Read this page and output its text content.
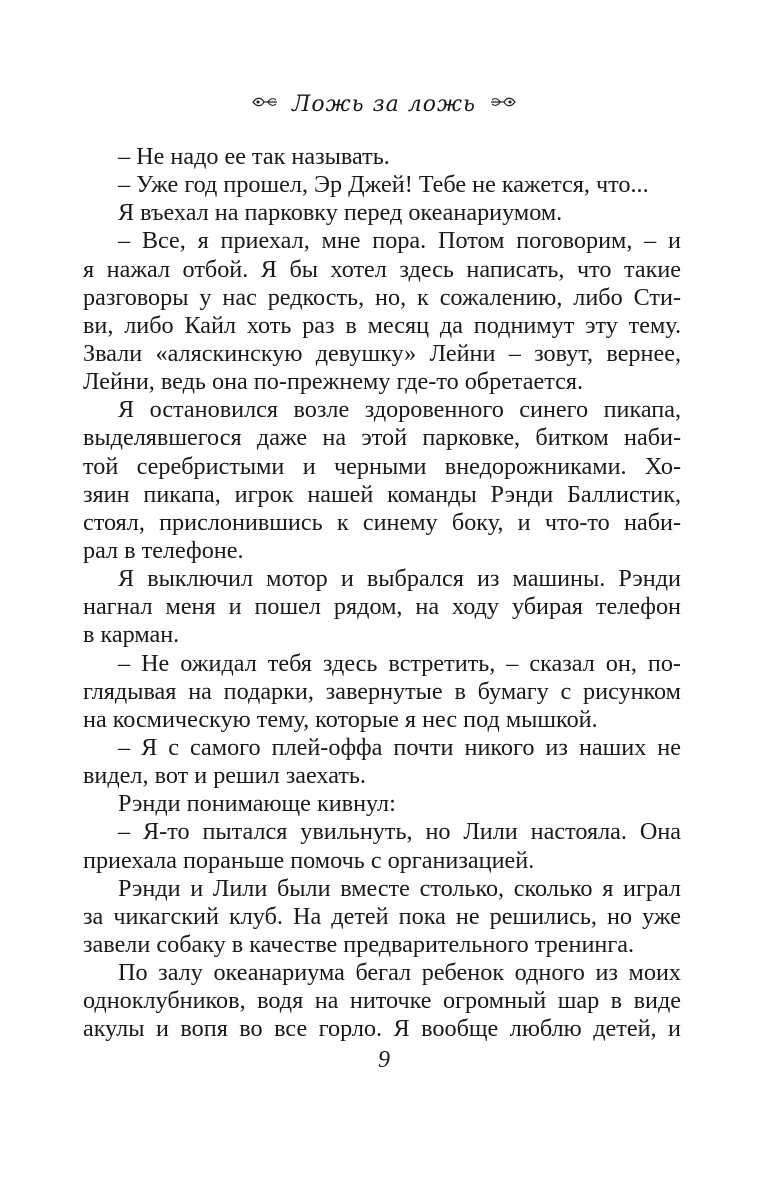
Ложь за ложь
– Не надо ее так называть.
– Уже год прошел, Эр Джей! Тебе не кажется, что...
Я въехал на парковку перед океанариумом.
– Все, я приехал, мне пора. Потом поговорим, – и
я нажал отбой. Я бы хотел здесь написать, что такие
разговоры у нас редкость, но, к сожалению, либо Сти-
ви, либо Кайл хоть раз в месяц да поднимут эту тему.
Звали «аляскинскую девушку» Лейни – зовут, вернее,
Лейни, ведь она по-прежнему где-то обретается.
Я остановился возле здоровенного синего пикапа,
выделявшегося даже на этой парковке, битком наби-
той серебристыми и черными внедорожниками. Хо-
зяин пикапа, игрок нашей команды Рэнди Баллистик,
стоял, прислонившись к синему боку, и что-то наби-
рал в телефоне.
Я выключил мотор и выбрался из машины. Рэнди
нагнал меня и пошел рядом, на ходу убирая телефон
в карман.
– Не ожидал тебя здесь встретить, – сказал он, по-
глядывая на подарки, завернутые в бумагу с рисунком
на космическую тему, которые я нес под мышкой.
– Я с самого плей-оффа почти никого из наших не
видел, вот и решил заехать.
Рэнди понимающе кивнул:
– Я-то пытался увильнуть, но Лили настояла. Она
приехала пораньше помочь с организацией.
Рэнди и Лили были вместе столько, сколько я играл
за чикагский клуб. На детей пока не решились, но уже
завели собаку в качестве предварительного тренинга.
По залу океанариума бегал ребенок одного из моих
одноклубников, водя на ниточке огромный шар в виде
акулы и вопя во все горло. Я вообще люблю детей, и
9
